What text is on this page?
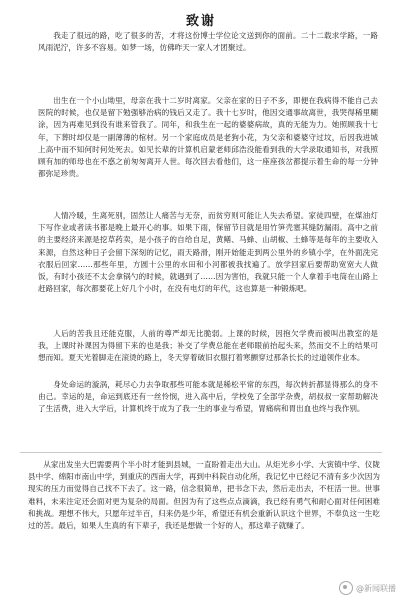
致谢

我走了很远的路，吃了很多的苦，才将这份博士学位论文送到你的面前。二十二载求学路，一路风雨泥泞，许多不容易。如梦一场，仿佛昨天一家人才团聚过。

出生在一个小山坳里，母亲在我十二岁时离家。父亲在家的日子不多，即便在我病得不能自己去医院的时候，也仅是留下勉强够治病的钱后又走了。我十七岁时，他因交通事故离世，我哭得稀里糊涂，因为再难见到没有谁来管我了。同年，和我生在一起的婆婆病故，真的无能为力。她照顾我十七年，下葬时却仅是一副薄薄的棺材。另一个家庭成员是老狗小花，为父亲和婆婆守过坟，后因我进城上高中而不知何时何处死去。如见长辈的计算机启蒙老师邱浩没能看到我的大学录取通知书，对我照顾有加的师母也在不惑之前匆匆离开人世。每次回去看他们，这一座座孩岔都提示着生命的每一分钟都弥足珍贵。

人情冷暖，生离死别，固然让人痛苦与无奈，而贫穷则可能让人失去希望。家徒四壁，在煤油灯下写作业或者读书都是晚上最开心的事。如果下雨，保留节目就是用竹笋壳塞其缝防漏雨。高中之前的主要经济来源是挖草药卖，是小孩子的自给自足，黄鳝、马蜂、山胡椒、土蜂等是每年的主要收入来源，自然这种日子会留下深刻的记忆，雨天路滑，刚开始能走到两公里外的乡镇小学，在外面洗完衣服后回家……那些年里，方圆十公里的水田和小河都被我找遍了。放学回家后要帮助宽宽大人做饭，有时小孩还不太会拿锅勺的时候，就遇到了……因为害怕，我就只能一个人拿着手电筒在山路上赶路回家，每次都要花上好几个小时，在没有电灯的年代，这也算是一种锻炼吧。

人后的苦我且还能克服，人前的尊严却无比脆弱。上课的时候，因抱欠学费而被叫出教室的是我，上课时补课因为得留下来的也是我；补交了学费总能在老师眼前抬起头来，然而交不上的结果可想而知。夏天光着脚走在滚烫的路上，冬天穿着破旧衣服打着寒颤穿过那条长长的过道领作业本。

身处命运的漩涡，耗尽心力去争取那些可能本就是稀松平常的东西，每次转折都显得那么的身不由己。幸运的是，命运到底还有一丝怜悯，进入高中后，学校免了全部学杂费，胡叔叔一家帮助解决了生活费，进入大学后，计算机终于成为了我一生的事业与希望，胃痛病和胃出血也终与我作别。

从家出发坐大巴需要两个半小时才能到县城，一直盼着走出大山。从炬光乡小学、大寅镇中学、仪陇县中学、绵阳市南山中学，到重庆的西南大学，再到中科院自动化所，我记忆中已经记不清有多少次因为现实的压力而觉得自己找不下去了。这一路，信念很简单，把书念下去，然后走出去，不枉活一世。世事难料，未来注定还会面对更为复杂的局面。但因为有了这些点点滴滴，我已经有勇气和耐心面对任何困难和挑战。理想不伟大，只愿年过半百，归来仍是少年，希望还有机会重新认识这个世界，不奉负这一生吃过的苦。最后，如果人生真的有下辈子，我还是想做一个好的人，那这辈子就赚了。

@新闻联播
